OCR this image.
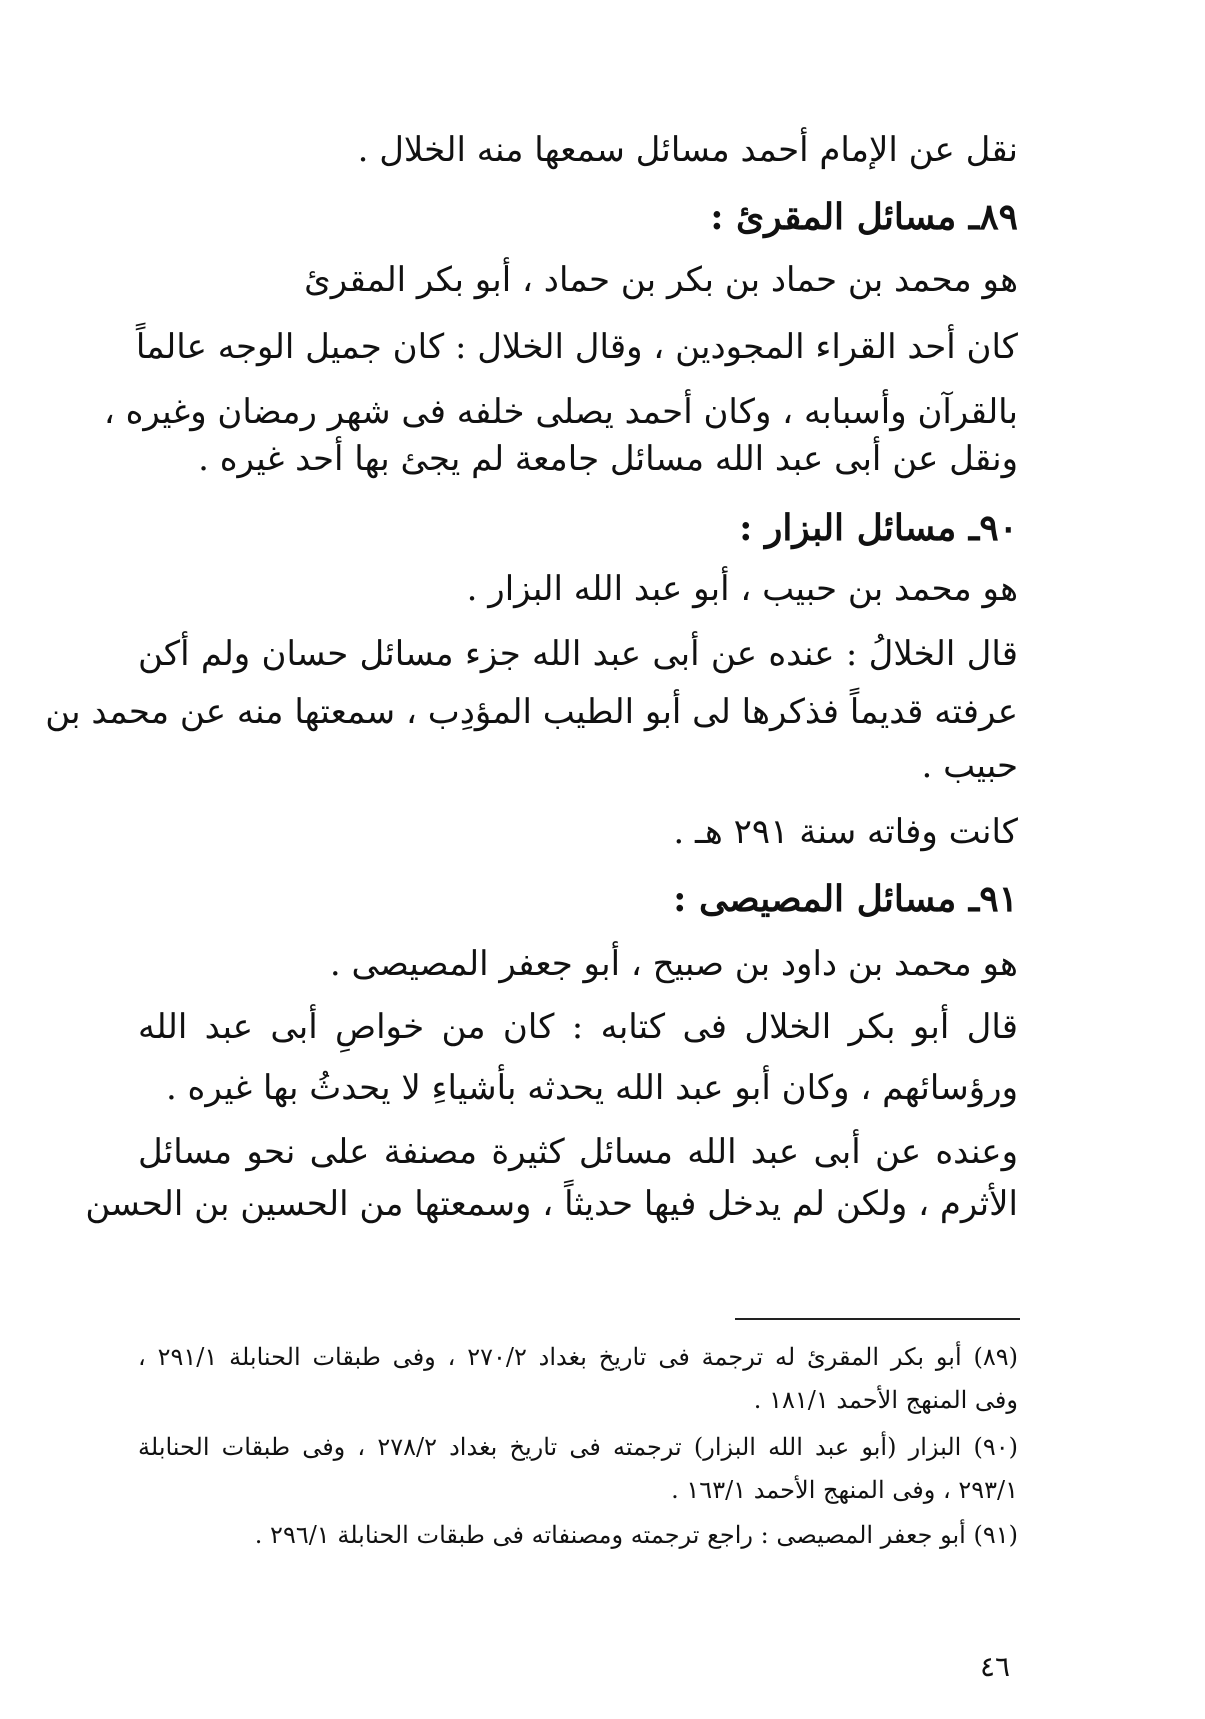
نقل عن الإمام أحمد مسائل سمعها منه الخلال .
٨٩ـ مسائل المقرئ :
هو محمد بن حماد بن بكر بن حماد ، أبو بكر المقرئ
كان أحد القراء المجودين ، وقال الخلال : كان جميل الوجه عالماً
بالقرآن وأسبابه ، وكان أحمد يصلى خلفه فى شهر رمضان وغيره ،
ونقل عن أبى عبد الله مسائل جامعة لم يجئ بها أحد غيره .
٩٠ـ مسائل البزار :
هو محمد بن حبيب ، أبو عبد الله البزار .
قال الخلالُ : عنده عن أبى عبد الله جزء مسائل حسان ولم أكن
عرفته قديماً فذكرها لى أبو الطيب المؤدِب ، سمعتها منه عن محمد بن
حبيب .
كانت وفاته سنة ٢٩١ هـ .
٩١ـ مسائل المصيصى :
هو محمد بن داود بن صبيح ، أبو جعفر المصيصى .
قال أبو بكر الخلال فى كتابه : كان من خواصِ أبى عبد الله
ورؤسائهم ، وكان أبو عبد الله يحدثه بأشياءِ لا يحدثُ بها غيره .
وعنده عن أبى عبد الله مسائل كثيرة مصنفة على نحو مسائل
الأثرم ، ولكن لم يدخل فيها حديثاً ، وسمعتها من الحسين بن الحسن
(٨٩) أبو بكر المقرئ له ترجمة فى تاريخ بغداد ٢٧٠/٢ ، وفى طبقات الحنابلة ٢٩١/١ ،
وفى المنهج الأحمد ١٨١/١ .
(٩٠) البزار (أبو عبد الله البزار) ترجمته فى تاريخ بغداد ٢٧٨/٢ ، وفى طبقات الحنابلة
٢٩٣/١ ، وفى المنهج الأحمد ١٦٣/١ .
(٩١) أبو جعفر المصيصى : راجع ترجمته ومصنفاته فى طبقات الحنابلة ٢٩٦/١ .
٤٦
